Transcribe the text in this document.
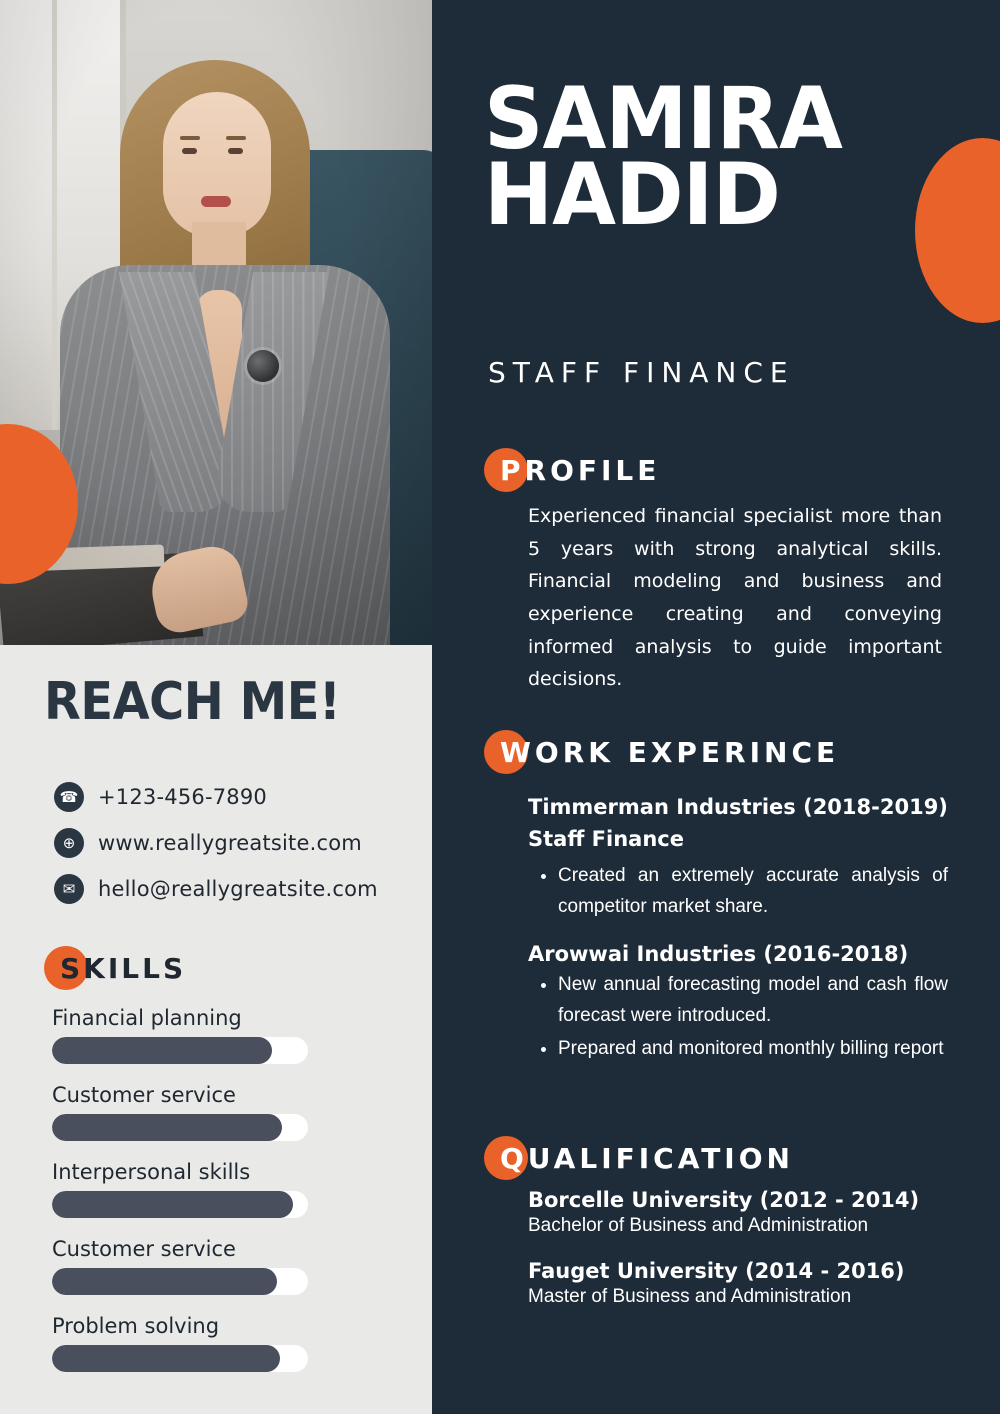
REACH ME!
☎ +123-456-7890
⊕	www.reallygreatsite.com
✉	hello@reallygreatsite.com
SKILLS
Financial planning
Customer service
Interpersonal skills
Customer service
Problem solving
SAMIRA
HADID
STAFF FINANCE
PROFILE
Experienced financial specialist more than 5 years with strong analytical skills. Financial modeling and business and experience creating and conveying informed analysis to guide important decisions.
WORK EXPERINCE
Timmerman Industries (2018-2019)
Staff Finance
• Created an extremely accurate analysis of competitor market share.
Arowwai Industries (2016-2018)
• New annual forecasting model and cash flow forecast were introduced.
• Prepared and monitored monthly billing report
QUALIFICATION
Borcelle University (2012 - 2014)
Bachelor of Business and Administration
Fauget University (2014 - 2016)
Master of Business and Administration
